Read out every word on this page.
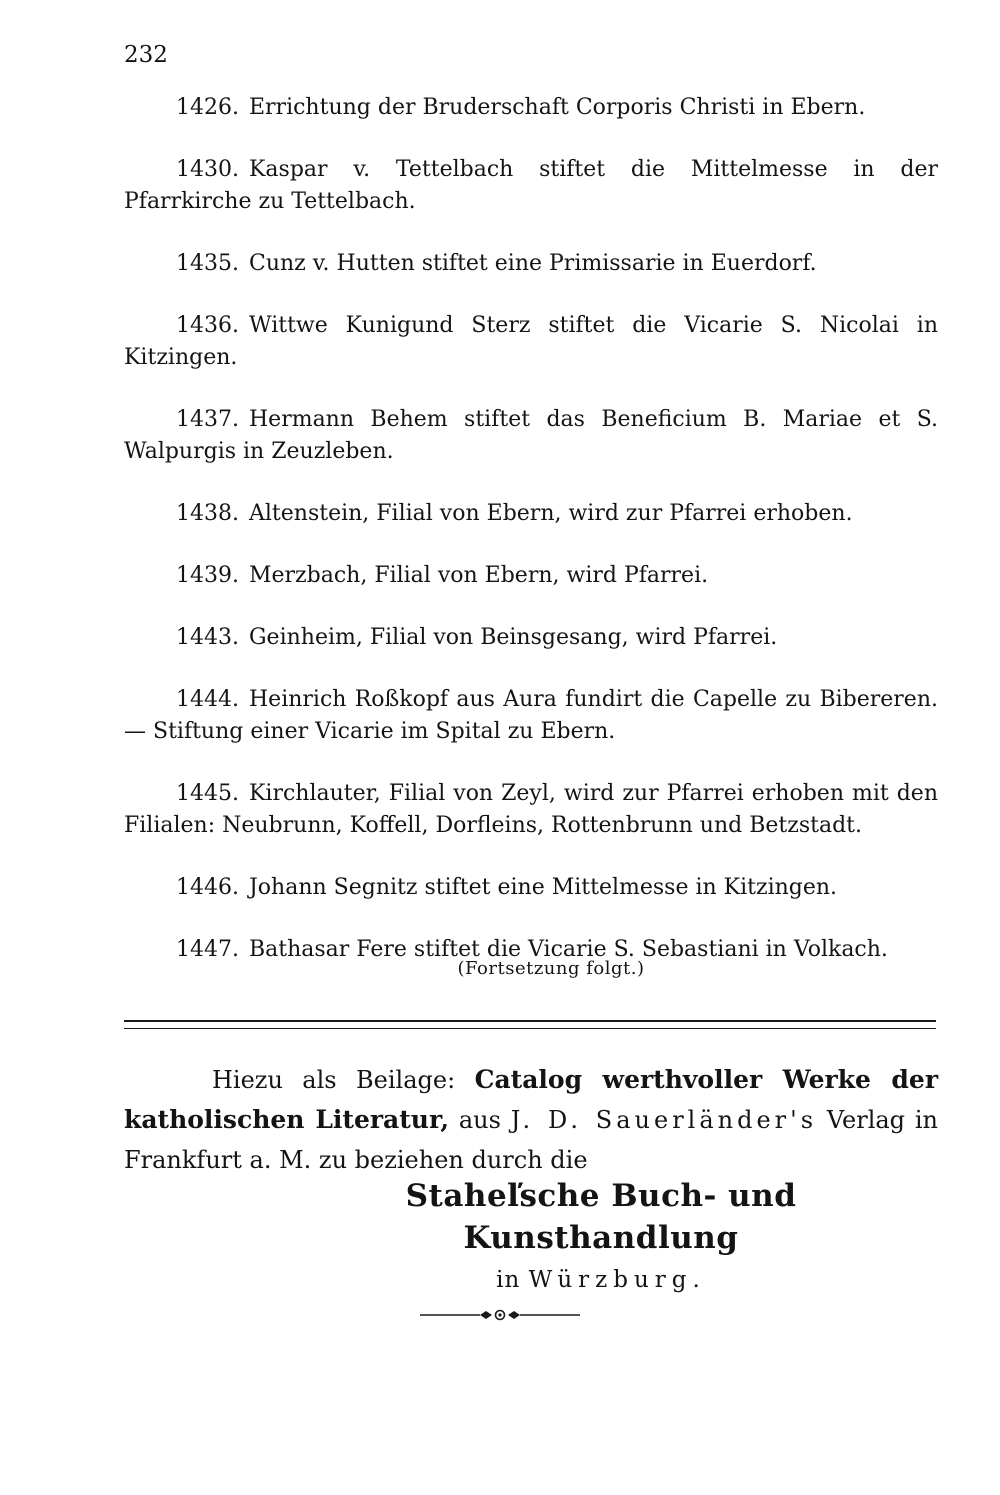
232

1426. Errichtung der Bruderschaft Corporis Christi in Ebern.

1430. Kaspar v. Tettelbach stiftet die Mittelmesse in der Pfarrkirche zu Tettelbach.

1435. Cunz v. Hutten stiftet eine Primissarie in Euerdorf.

1436. Wittwe Kunigund Sterz stiftet die Vicarie S. Nicolai in Kitzingen.

1437. Hermann Behem stiftet das Beneficium B. Mariae et S. Walpurgis in Zeuzleben.

1438. Altenstein, Filial von Ebern, wird zur Pfarrei erhoben.

1439. Merzbach, Filial von Ebern, wird Pfarrei.

1443. Geinheim, Filial von Beinsgesang, wird Pfarrei.

1444. Heinrich Roßkopf aus Aura fundirt die Capelle zu Bibereren. — Stiftung einer Vicarie im Spital zu Ebern.

1445. Kirchlauter, Filial von Zeyl, wird zur Pfarrei erhoben mit den Filialen: Neubrunn, Koffell, Dorfleins, Rottenbrunn und Betzstadt.

1446. Johann Segnitz stiftet eine Mittelmesse in Kitzingen.

1447. Bathasar Fere stiftet die Vicarie S. Sebastiani in Volkach.

(Fortsetzung folgt.)
Hiezu als Beilage: Catalog werthvoller Werke der katholischen Literatur, aus J. D. Sauerländer's Verlag in Frankfurt a. M. zu beziehen durch die
Staheľsche Buch- und Kunsthandlung
in Würzburg.
